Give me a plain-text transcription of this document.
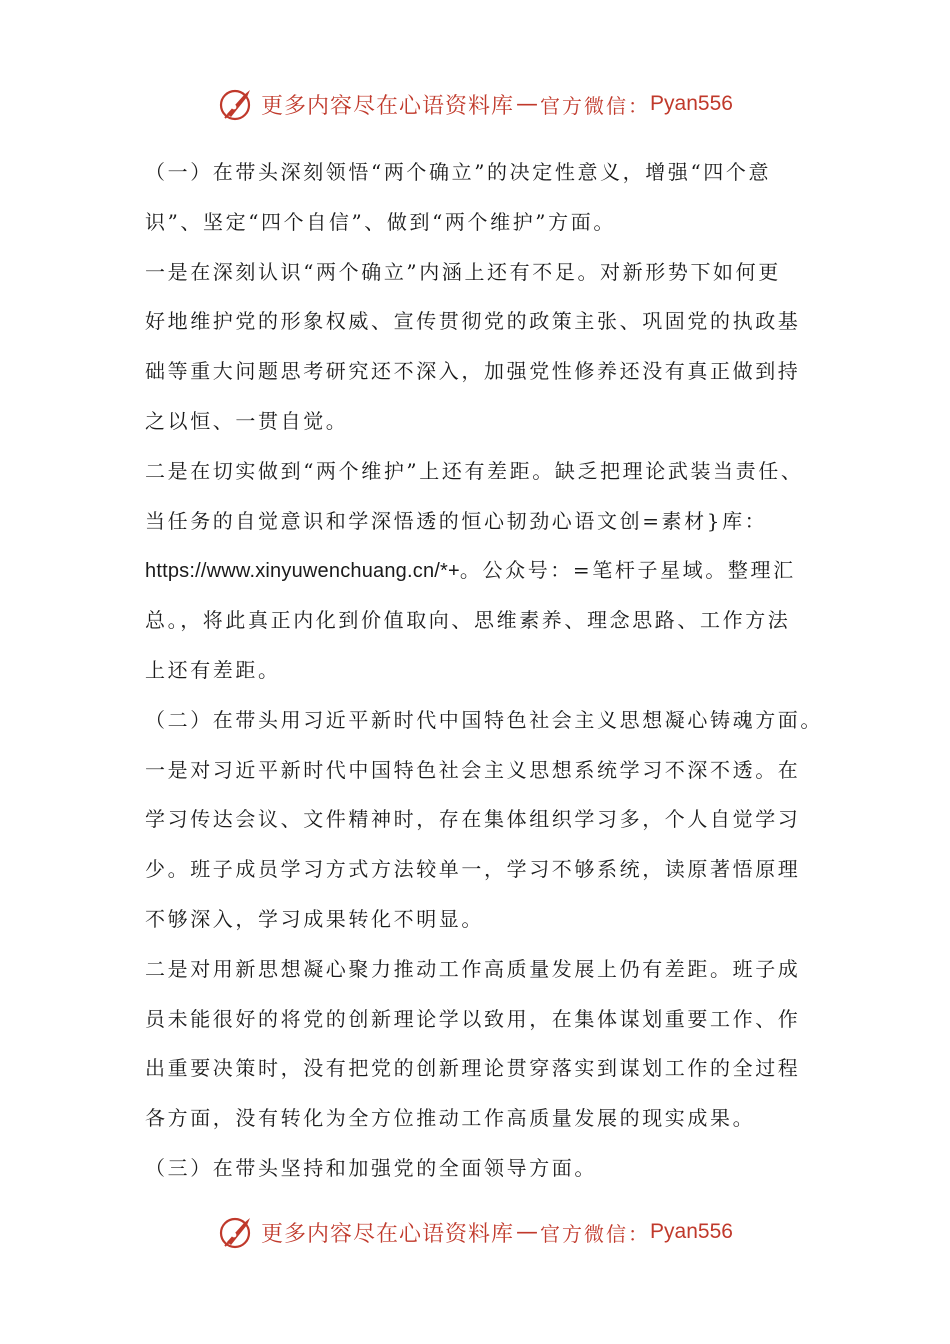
更多内容尽在心语资料库 — 官方微信： Pyan556
（一）在带头深刻领悟“两个确立”的决定性意义，增强“四个意
识”、坚定“四个自信”、做到“两个维护”方面。
一是在深刻认识“两个确立”内涵上还有不足。对新形势下如何更
好地维护党的形象权威、宣传贯彻党的政策主张、巩固党的执政基
础等重大问题思考研究还不深入，加强党性修养还没有真正做到持
之以恒、一贯自觉。
二是在切实做到“两个维护”上还有差距。缺乏把理论武装当责任、
当任务的自觉意识和学深悟透的恒心韧劲心语文创=素材}库：
https://www.xinyuwenchuang.cn/*+。公众号：=笔杆子星域。整理汇
总。，将此真正内化到价值取向、思维素养、理念思路、工作方法
上还有差距。
（二）在带头用习近平新时代中国特色社会主义思想凝心铸魂方面。
一是对习近平新时代中国特色社会主义思想系统学习不深不透。在
学习传达会议、文件精神时，存在集体组织学习多，个人自觉学习
少。班子成员学习方式方法较单一，学习不够系统，读原著悟原理
不够深入，学习成果转化不明显。
二是对用新思想凝心聚力推动工作高质量发展上仍有差距。班子成
员未能很好的将党的创新理论学以致用，在集体谋划重要工作、作
出重要决策时，没有把党的创新理论贯穿落实到谋划工作的全过程
各方面，没有转化为全方位推动工作高质量发展的现实成果。
（三）在带头坚持和加强党的全面领导方面。
更多内容尽在心语资料库 — 官方微信： Pyan556
